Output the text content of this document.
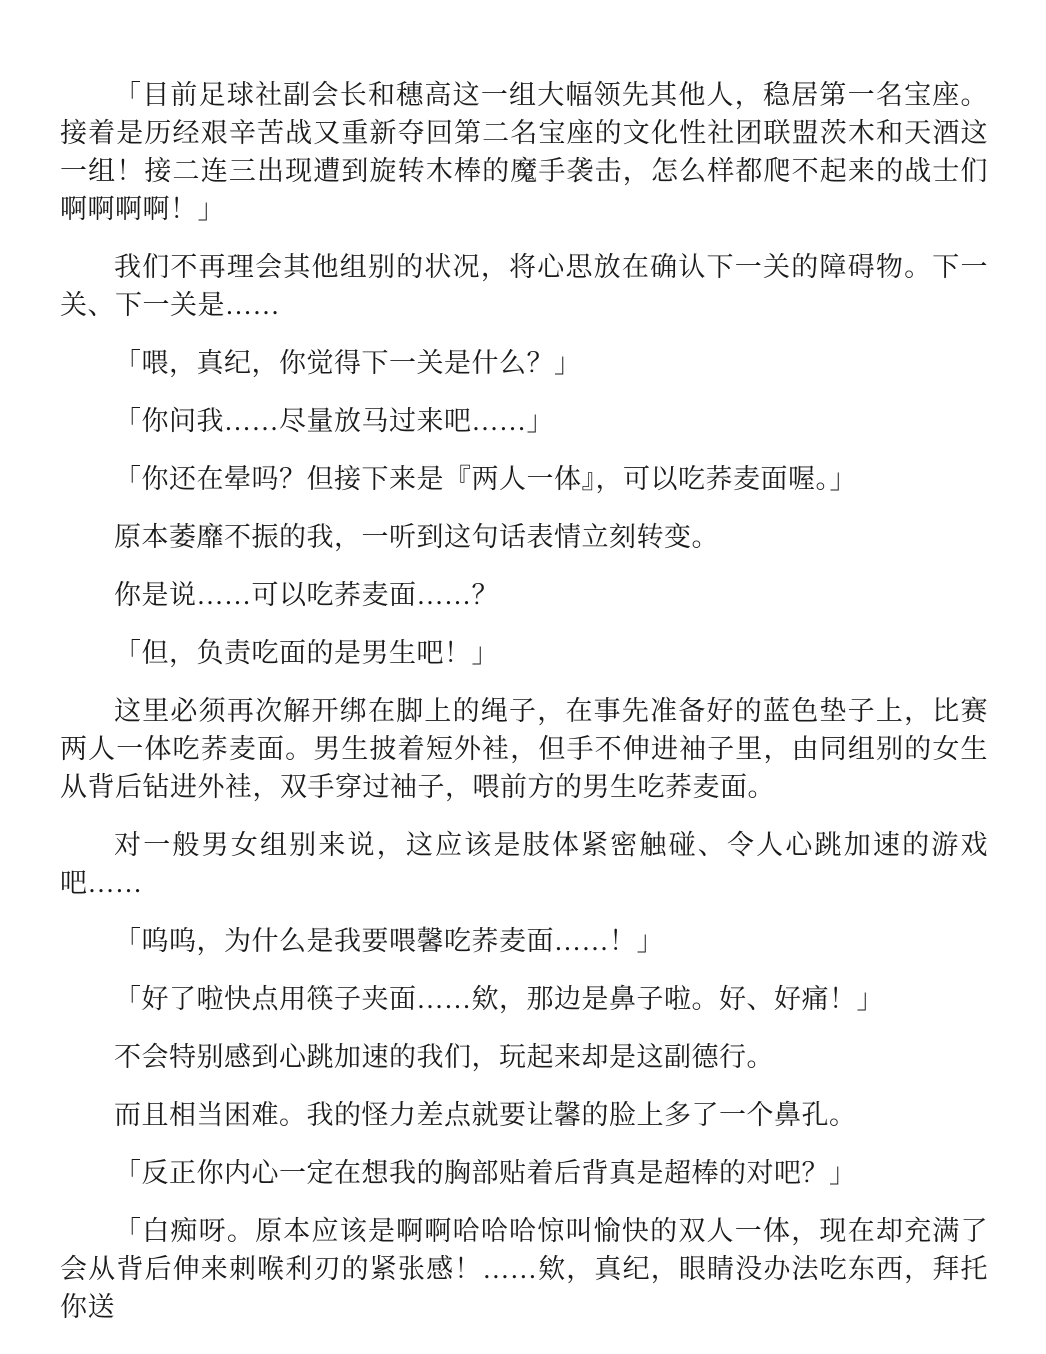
「目前足球社副会长和穗高这一组大幅领先其他人，稳居第一名宝座。接着是历经艰辛苦战又重新夺回第二名宝座的文化性社团联盟茨木和天酒这一组！接二连三出现遭到旋转木棒的魔手袭击，怎么样都爬不起来的战士们啊啊啊啊！」

我们不再理会其他组别的状况，将心思放在确认下一关的障碍物。下一关、下一关是……

「喂，真纪，你觉得下一关是什么？」

「你问我……尽量放马过来吧……」

「你还在晕吗？但接下来是『两人一体』，可以吃荞麦面喔。」

原本萎靡不振的我，一听到这句话表情立刻转变。

你是说……可以吃荞麦面……？

「但，负责吃面的是男生吧！」

这里必须再次解开绑在脚上的绳子，在事先准备好的蓝色垫子上，比赛两人一体吃荞麦面。男生披着短外袿，但手不伸进袖子里，由同组别的女生从背后钻进外袿，双手穿过袖子，喂前方的男生吃荞麦面。

对一般男女组别来说，这应该是肢体紧密触碰、令人心跳加速的游戏吧……

「呜呜，为什么是我要喂馨吃荞麦面……！」

「好了啦快点用筷子夹面……欸，那边是鼻子啦。好、好痛！」

不会特别感到心跳加速的我们，玩起来却是这副德行。

而且相当困难。我的怪力差点就要让馨的脸上多了一个鼻孔。

「反正你内心一定在想我的胸部贴着后背真是超棒的对吧？」

「白痴呀。原本应该是啊啊哈哈哈惊叫愉快的双人一体，现在却充满了会从背后伸来刺喉利刃的紧张感！……欸，真纪，眼睛没办法吃东西，拜托你送
